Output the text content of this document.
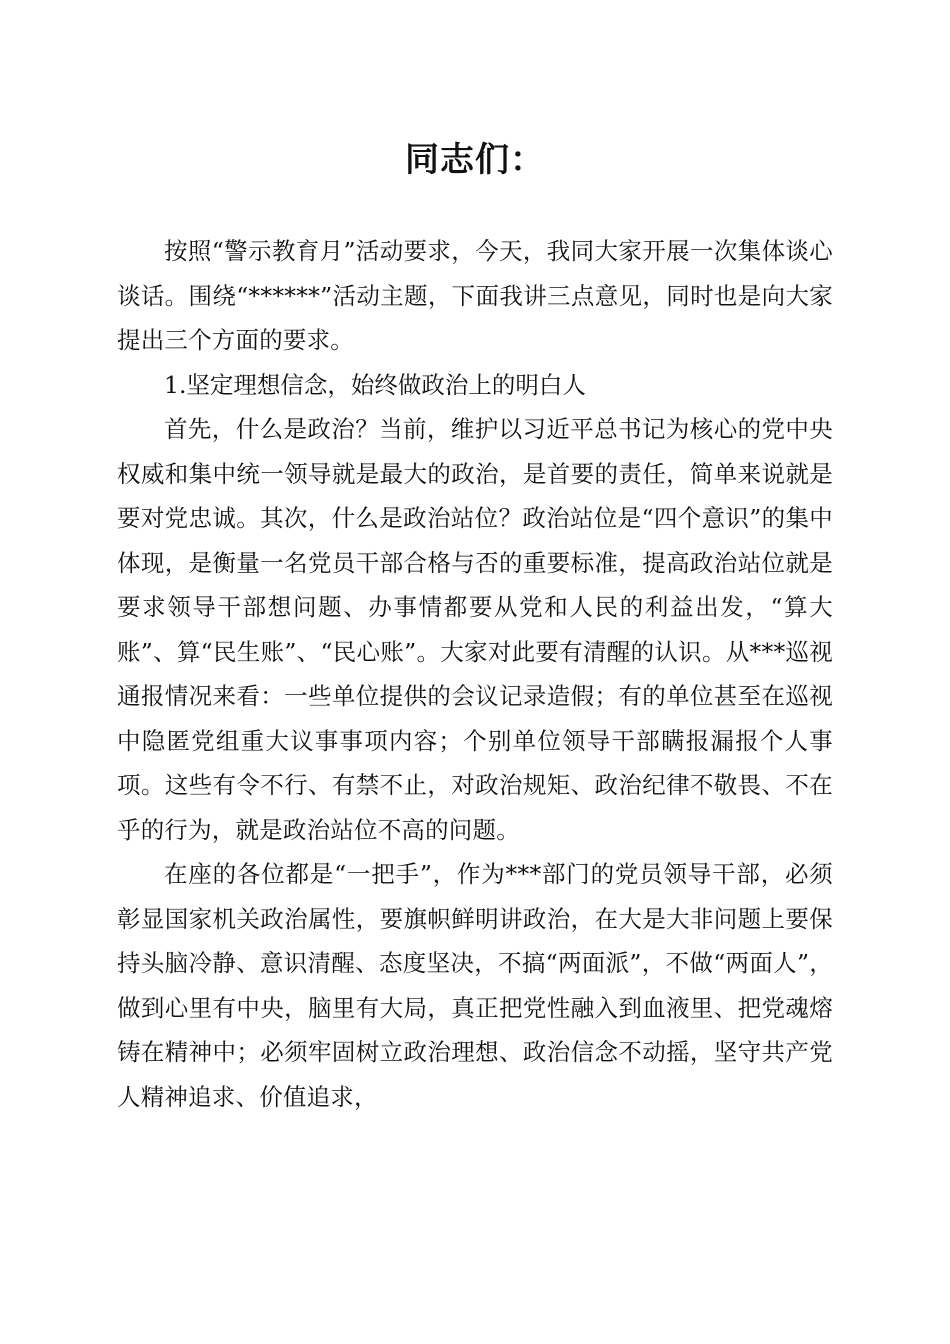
同志们：

按照“警示教育月”活动要求，今天，我同大家开展一次集体谈心谈话。围绕“******”活动主题，下面我讲三点意见，同时也是向大家提出三个方面的要求。

1.坚定理想信念，始终做政治上的明白人

首先，什么是政治？当前，维护以习近平总书记为核心的党中央权威和集中统一领导就是最大的政治，是首要的责任，简单来说就是要对党忠诚。其次，什么是政治站位？政治站位是“四个意识”的集中体现，是衡量一名党员干部合格与否的重要标准，提高政治站位就是要求领导干部想问题、办事情都要从党和人民的利益出发，“算大账”、算“民生账”、“民心账”。大家对此要有清醒的认识。从***巡视通报情况来看：一些单位提供的会议记录造假；有的单位甚至在巡视中隐匿党组重大议事事项内容；个别单位领导干部瞒报漏报个人事项。这些有令不行、有禁不止，对政治规矩、政治纪律不敬畏、不在乎的行为，就是政治站位不高的问题。

在座的各位都是“一把手”，作为***部门的党员领导干部，必须彰显国家机关政治属性，要旗帜鲜明讲政治，在大是大非问题上要保持头脑冷静、意识清醒、态度坚决，不搞“两面派”，不做“两面人”，做到心里有中央，脑里有大局，真正把党性融入到血液里、把党魂熔铸在精神中；必须牢固树立政治理想、政治信念不动摇，坚守共产党人精神追求、价值追求，
